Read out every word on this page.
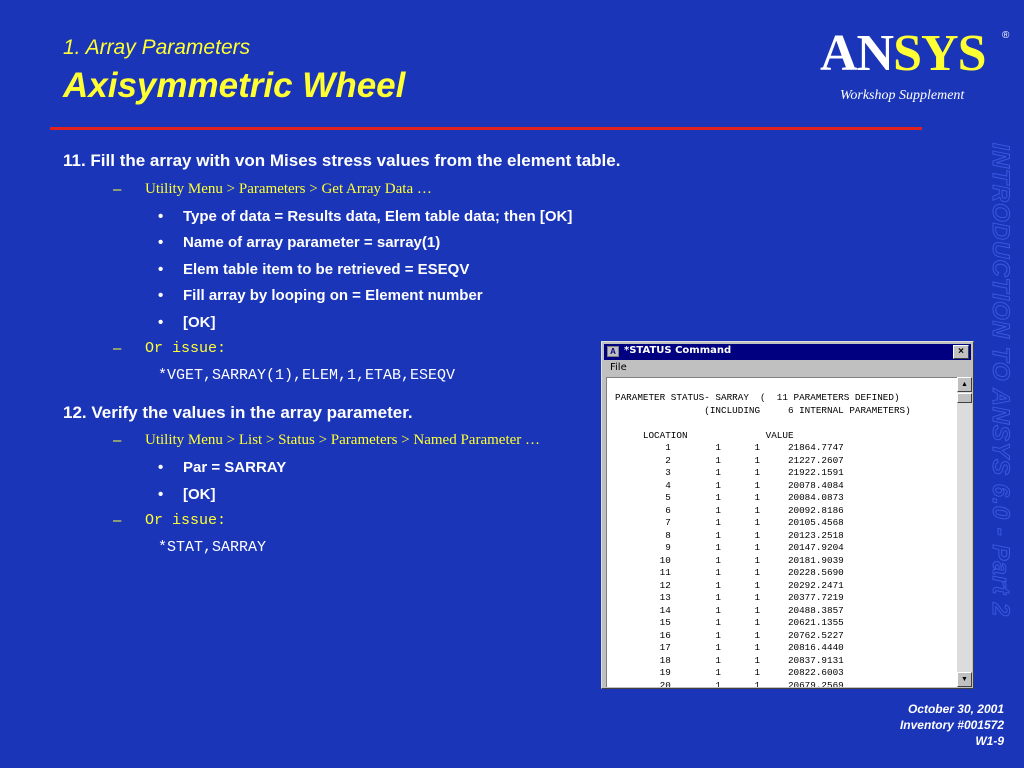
1. Array Parameters
Axisymmetric Wheel
ANSYS ®
Workshop Supplement
INTRODUCTION TO ANSYS 6.0 - Part 2
11. Fill the array with von Mises stress values from the element table.
– Utility Menu > Parameters > Get Array Data …
• Type of data = Results data, Elem table data; then [OK]
• Name of array parameter = sarray(1)
• Elem table item to be retrieved = ESEQV
• Fill array by looping on = Element number
• [OK]
– Or issue:
*VGET,SARRAY(1),ELEM,1,ETAB,ESEQV
12. Verify the values in the array parameter.
– Utility Menu > List > Status > Parameters > Named Parameter …
• Par = SARRAY
• [OK]
– Or issue:
*STAT,SARRAY
A *STATUS Command	×
File
PARAMETER STATUS- SARRAY  (  11 PARAMETERS DEFINED)
(INCLUDING     6 INTERNAL PARAMETERS)

LOCATION              VALUE
1        1      1     21864.7747
2        1      1     21227.2607
3        1      1     21922.1591
4        1      1     20078.4084
5        1      1     20084.0873
6        1      1     20092.8186
7        1      1     20105.4568
8        1      1     20123.2518
9        1      1     20147.9204
10        1      1     20181.9039
11        1      1     20228.5690
12        1      1     20292.2471
13        1      1     20377.7219
14        1      1     20488.3857
15        1      1     20621.1355
16        1      1     20762.5227
17        1      1     20816.4440
18        1      1     20837.9131
19        1      1     20822.6003
20        1      1     20679.2569
▲
▼
October 30, 2001
Inventory #001572
W1-9
